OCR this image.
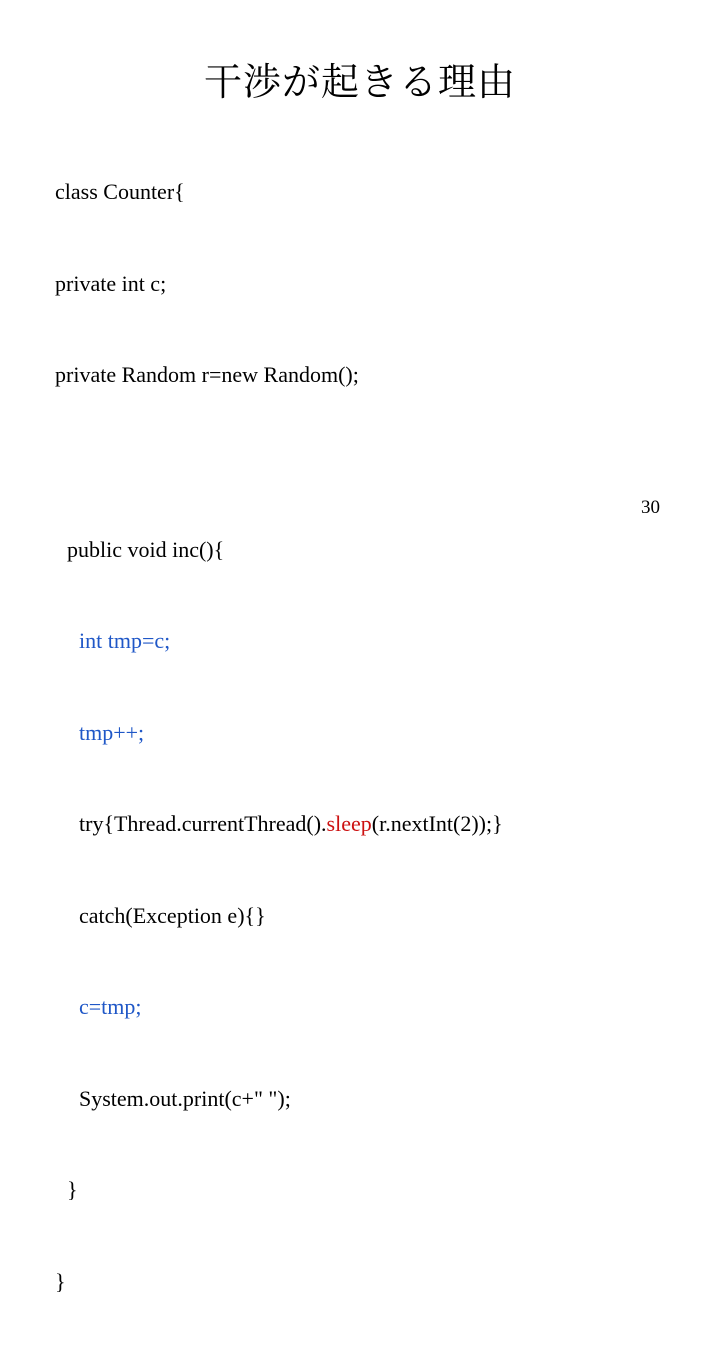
干渉が起きる理由

class Counter{

private int c;

private Random r=new Random();

public void inc(){

int tmp=c;

tmp++;

try{Thread.currentThread().sleep(r.nextInt(2));}

catch(Exception e){}

c=tmp;

System.out.print(c+" ");

}

}

30
